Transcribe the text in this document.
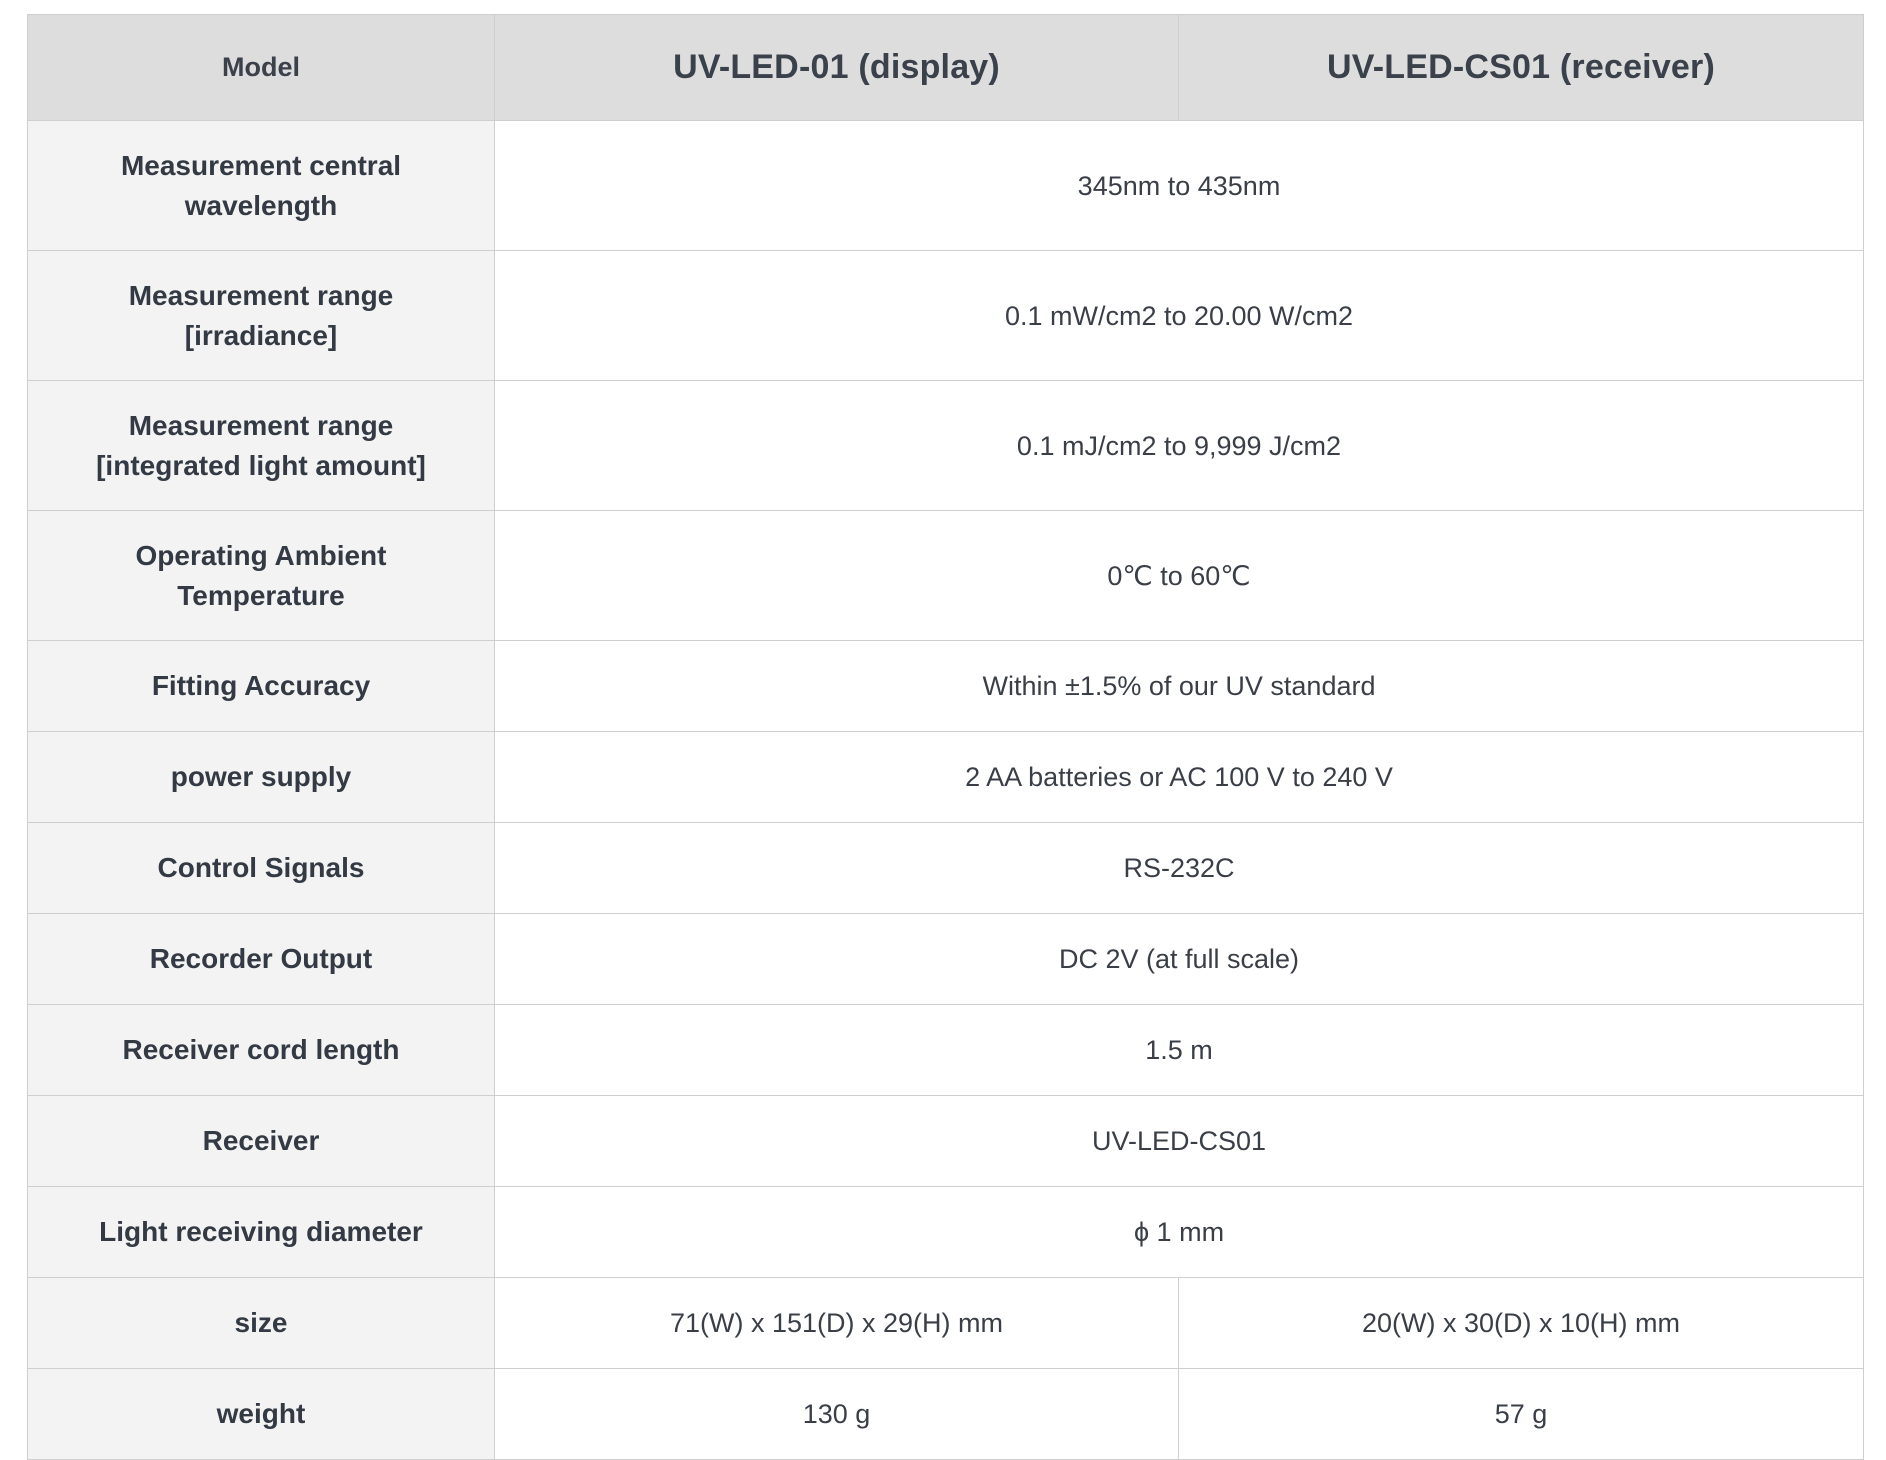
Model	UV-LED-01 (display)	UV-LED-CS01 (receiver)
Measurement central
wavelength	345nm to 435nm	
Measurement range
[irradiance]	0.1 mW/cm2 to 20.00 W/cm2	
Measurement range
[integrated light amount]	0.1 mJ/cm2 to 9,999 J/cm2	
Operating Ambient
Temperature	0℃ to 60℃	
Fitting Accuracy	Within ±1.5% of our UV standard	
power supply	2 AA batteries or AC 100 V to 240 V	
Control Signals	RS-232C	
Recorder Output	DC 2V (at full scale)	
Receiver cord length	1.5 m	
Receiver	UV-LED-CS01	
Light receiving diameter	ϕ 1 mm	
size	71(W) x 151(D) x 29(H) mm	20(W) x 30(D) x 10(H) mm
weight	130 g	57 g
